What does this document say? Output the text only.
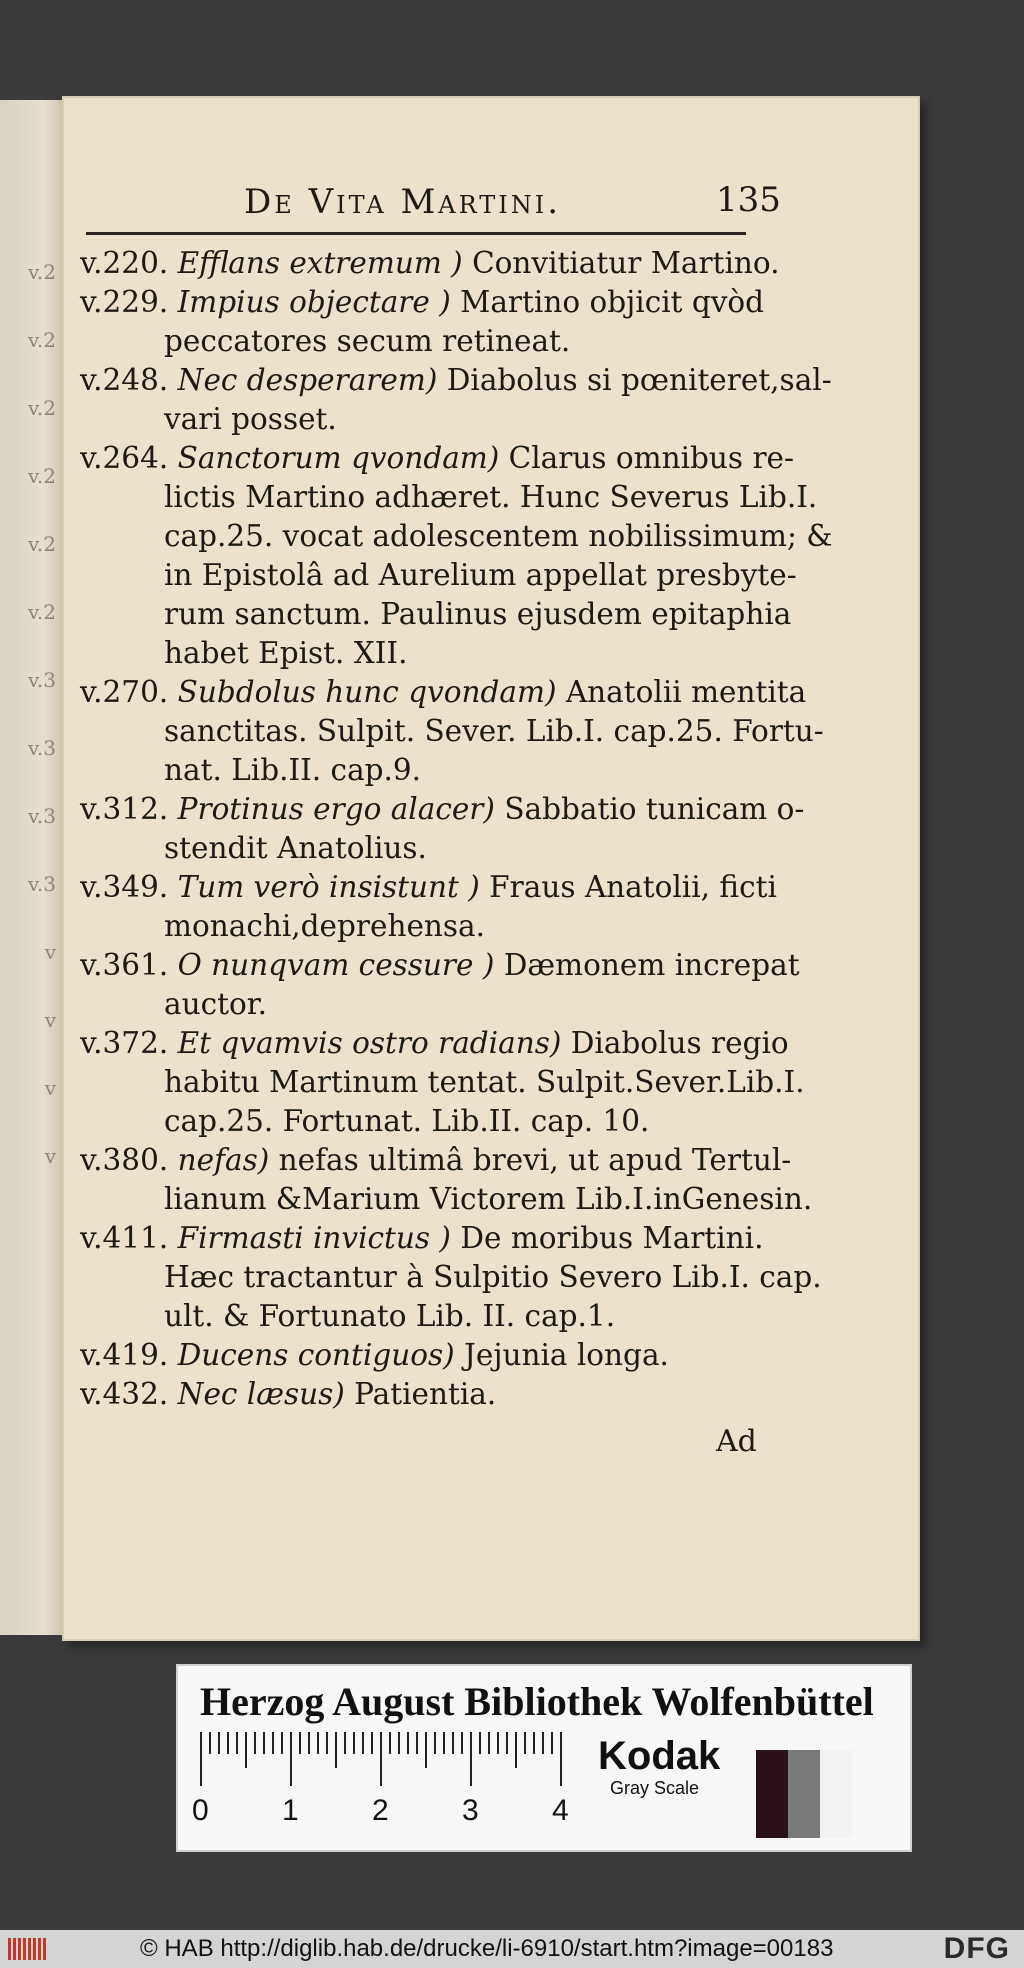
v.2
v.2
v.2
v.2
v.2
v.2
v.3
v.3
v.3
v.3
v
v
v
v
De Vita Martini.	135
v.220. Efflans extremum ) Convitiatur Martino.
v.229. Impius objectare ) Martino objicit qvòd
peccatores secum retineat.
v.248. Nec desperarem) Diabolus si pœniteret,sal-
vari posset.
v.264. Sanctorum qvondam) Clarus omnibus re-
lictis Martino adhæret. Hunc Severus Lib.I.
cap.25. vocat adolescentem nobilissimum; &
in Epistolâ ad Aurelium appellat presbyte-
rum sanctum. Paulinus ejusdem epitaphia
habet Epist. XII.
v.270. Subdolus hunc qvondam) Anatolii mentita
sanctitas. Sulpit. Sever. Lib.I. cap.25. Fortu-
nat. Lib.II. cap.9.
v.312. Protinus ergo alacer) Sabbatio tunicam o-
stendit Anatolius.
v.349. Tum verò insistunt ) Fraus Anatolii, ficti
monachi,deprehensa.
v.361. O nunqvam cessure ) Dæmonem increpat
auctor.
v.372. Et qvamvis ostro radians) Diabolus regio
habitu Martinum tentat. Sulpit.Sever.Lib.I.
cap.25. Fortunat. Lib.II. cap. 10.
v.380. nefas) nefas ultimâ brevi, ut apud Tertul-
lianum &Marium Victorem Lib.I.inGenesin.
v.411. Firmasti invictus ) De moribus Martini.
Hæc tractantur à Sulpitio Severo Lib.I. cap.
ult. & Fortunato Lib. II. cap.1.
v.419. Ducens contiguos) Jejunia longa.
v.432. Nec læsus) Patientia.
Ad
Herzog August Bibliothek Wolfenbüttel
0 1 2 3 4
Kodak
Gray Scale
© HAB http://diglib.hab.de/drucke/li-6910/start.htm?image=00183	DFG
